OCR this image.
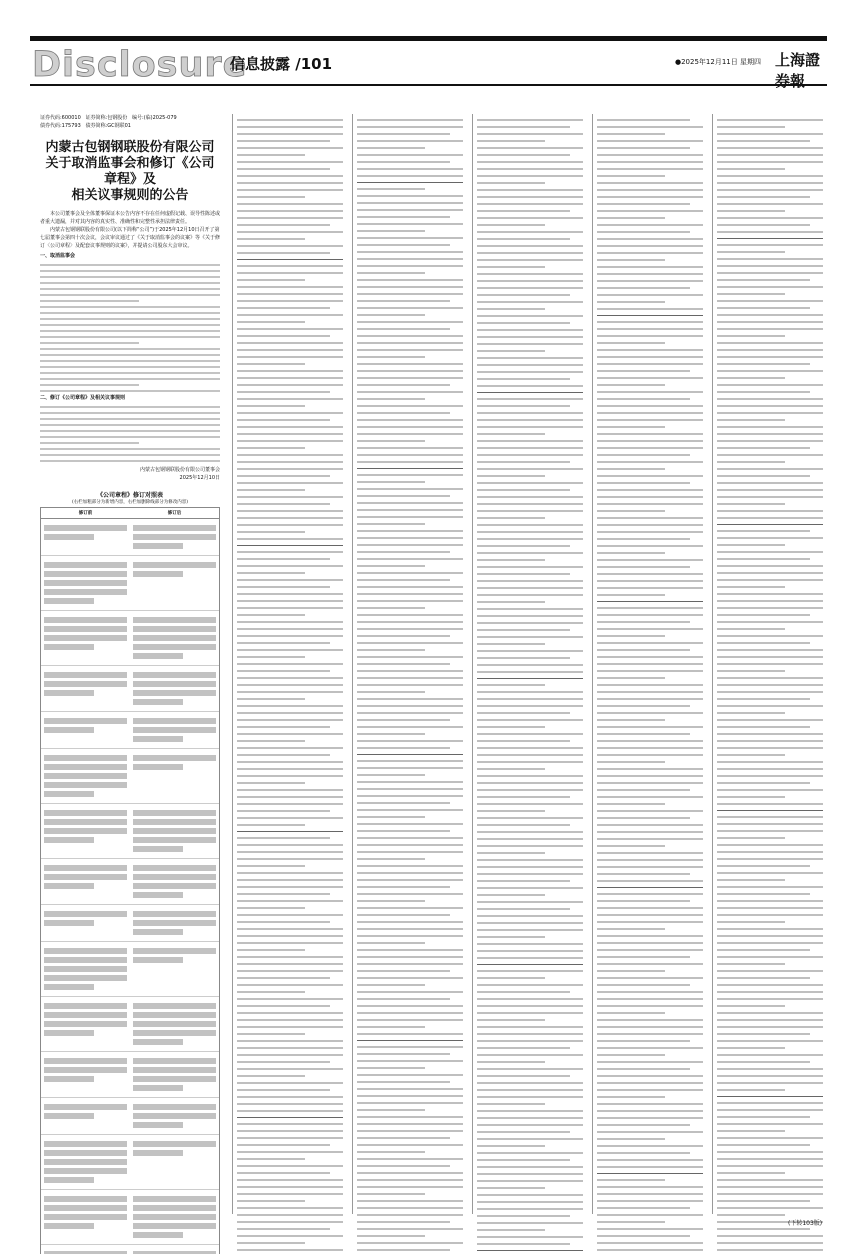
Disclosure
信息披露 /101	●2025年12月11日 星期四 上海證券報
证券代码:600010 证券简称:包钢股份 编号:(临)2025-079
债券代码:175793 债券简称:GC钢联01
内蒙古包钢钢联股份有限公司
关于取消监事会和修订《公司章程》及
相关议事规则的公告

本公司董事会及全体董事保证本公告内容不存在任何虚假记载、误导性陈述或者重大遗漏，并对其内容的真实性、准确性和完整性承担法律责任。

内蒙古包钢钢联股份有限公司(以下简称“公司”)于2025年12月10日召开了第七届董事会第四十次会议，会议审议通过了《关于取消监事会的议案》等《关于修订〈公司章程〉及配套议事规则的议案》，并提请公司股东大会审议。

一、取消监事会
二、修订《公司章程》及相关议事规则
内蒙古包钢钢联股份有限公司董事会
2025年12月10日
《公司章程》修订对照表
(右栏加粗部分为新增内容，右栏加删除线部分为修改内容)
修订前	修订后
(下转103版)
